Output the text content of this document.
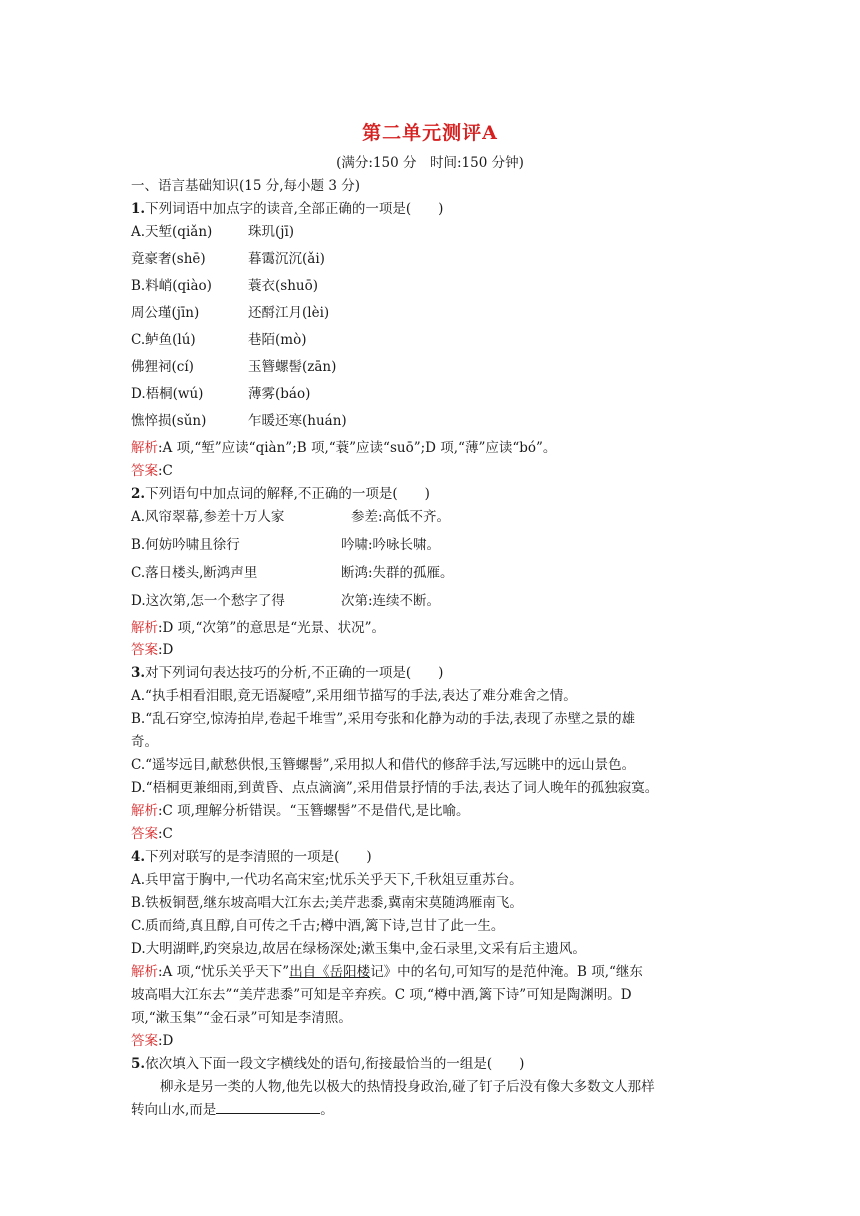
第二单元测评A
(满分:150 分　时间:150 分钟)
一、语言基础知识(15 分,每小题 3 分)
1.下列词语中加点字的读音,全部正确的一项是(　　)
A.天堑(qiǎn)	珠玑(jī)
竟豪奢(shē)	暮霭沉沉(ǎi)
B.料峭(qiào)	蓑衣(shuō)
周公瑾(jīn)	还酹江月(lèi)
C.鲈鱼(lú)	巷陌(mò)
佛狸祠(cí)	玉簪螺髻(zān)
D.梧桐(wú)	薄雾(báo)
憔悴损(sǔn)	乍暖还寒(huán)
解析:A 项,“堑”应读“qiàn”;B 项,“蓑”应读“suō”;D 项,“薄”应读“bó”。
答案:C
2.下列语句中加点词的解释,不正确的一项是(　　)
A.风帘翠幕,参差十万人家	参差:高低不齐。
B.何妨吟啸且徐行	吟啸:吟咏长啸。
C.落日楼头,断鸿声里	断鸿:失群的孤雁。
D.这次第,怎一个愁字了得	次第:连续不断。
解析:D 项,“次第”的意思是“光景、状况”。
答案:D
3.对下列词句表达技巧的分析,不正确的一项是(　　)
A.“执手相看泪眼,竟无语凝噎”,采用细节描写的手法,表达了难分难舍之情。
B.“乱石穿空,惊涛拍岸,卷起千堆雪”,采用夸张和化静为动的手法,表现了赤壁之景的雄
奇。
C.“遥岑远目,献愁供恨,玉簪螺髻”,采用拟人和借代的修辞手法,写远眺中的远山景色。
D.“梧桐更兼细雨,到黄昏、点点滴滴”,采用借景抒情的手法,表达了词人晚年的孤独寂寞。
解析:C 项,理解分析错误。“玉簪螺髻”不是借代,是比喻。
答案:C
4.下列对联写的是李清照的一项是(　　)
A.兵甲富于胸中,一代功名高宋室;忧乐关乎天下,千秋俎豆重苏台。
B.铁板铜琶,继东坡高唱大江东去;美芹悲黍,冀南宋莫随鸿雁南飞。
C.质而绮,真且醇,自可传之千古;樽中酒,篱下诗,岂甘了此一生。
D.大明湖畔,趵突泉边,故居在绿杨深处;漱玉集中,金石录里,文采有后主遗风。
解析:A 项,“忧乐关乎天下”出自《岳阳楼记》中的名句,可知写的是范仲淹。B 项,“继东
坡高唱大江东去”“美芹悲黍”可知是辛弃疾。C 项,“樽中酒,篱下诗”可知是陶渊明。D
项,“漱玉集”“金石录”可知是李清照。
答案:D
5.依次填入下面一段文字横线处的语句,衔接最恰当的一组是(　　)
柳永是另一类的人物,他先以极大的热情投身政治,碰了钉子后没有像大多数文人那样
转向山水,而是	。
